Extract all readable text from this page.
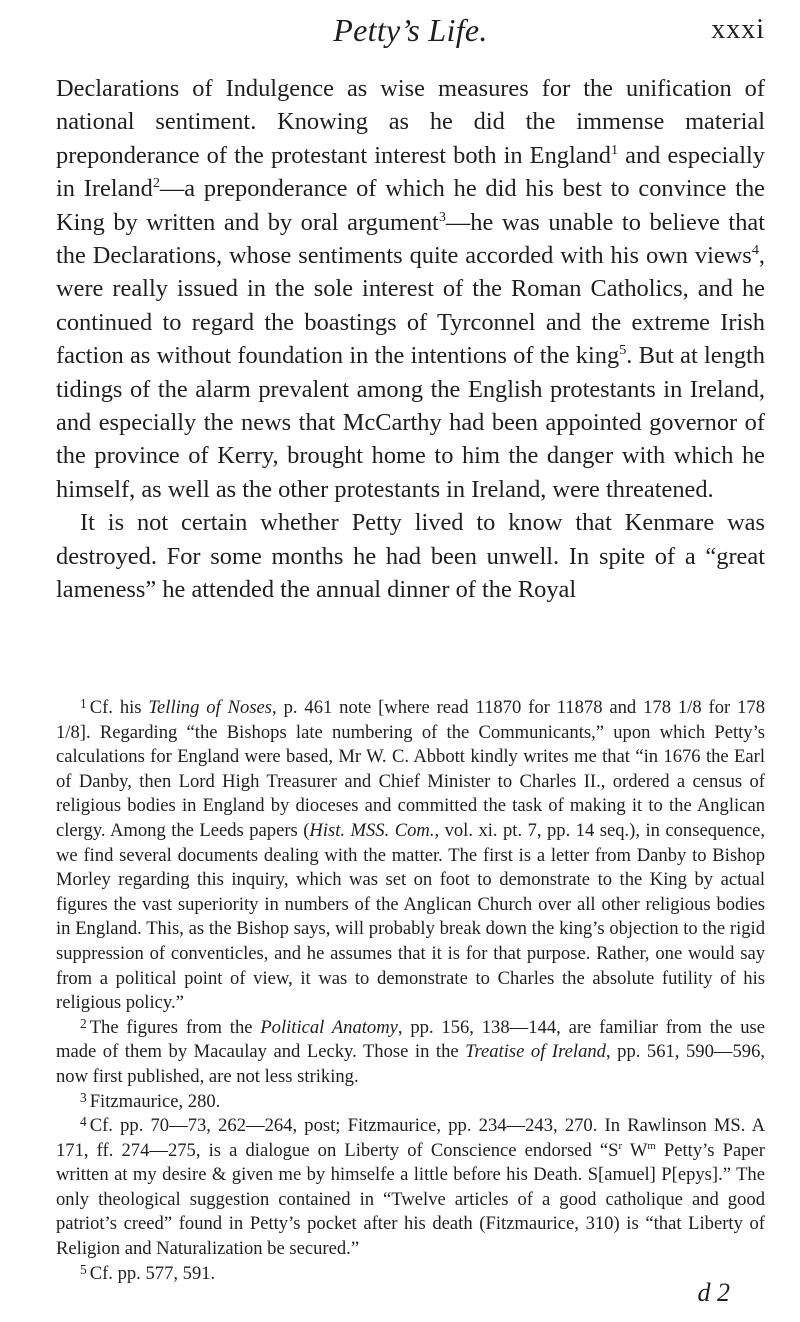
Petty’s Life.	xxxi

Declarations of Indulgence as wise measures for the unification of national sentiment. Knowing as he did the immense material preponderance of the protestant interest both in England$^1$ and especially in Ireland$^2$—a preponderance of which he did his best to convince the King by written and by oral argument$^3$—he was unable to believe that the Declarations, whose sentiments quite accorded with his own views$^4$, were really issued in the sole interest of the Roman Catholics, and he continued to regard the boastings of Tyrconnel and the extreme Irish faction as without foundation in the intentions of the king$^5$. But at length tidings of the alarm prevalent among the English protestants in Ireland, and especially the news that McCarthy had been appointed governor of the province of Kerry, brought home to him the danger with which he himself, as well as the other protestants in Ireland, were threatened.

It is not certain whether Petty lived to know that Kenmare was destroyed. For some months he had been unwell. In spite of a “great lameness” he attended the annual dinner of the Royal

$^1$ Cf. his Telling of Noses, p. 461 note [where read 11870 for 11878 and 178 1/8 for 178 1/8]. Regarding “the Bishops late numbering of the Communicants,” upon which Petty’s calculations for England were based, Mr W. C. Abbott kindly writes me that “in 1676 the Earl of Danby, then Lord High Treasurer and Chief Minister to Charles II., ordered a census of religious bodies in England by dioceses and committed the task of making it to the Anglican clergy. Among the Leeds papers (Hist. MSS. Com., vol. xi. pt. 7, pp. 14 seq.), in consequence, we find several documents dealing with the matter. The first is a letter from Danby to Bishop Morley regarding this inquiry, which was set on foot to demonstrate to the King by actual figures the vast superiority in numbers of the Anglican Church over all other religious bodies in England. This, as the Bishop says, will probably break down the king’s objection to the rigid suppression of conventicles, and he assumes that it is for that purpose. Rather, one would say from a political point of view, it was to demonstrate to Charles the absolute futility of his religious policy.”

$^2$ The figures from the Political Anatomy, pp. 156, 138—144, are familiar from the use made of them by Macaulay and Lecky. Those in the Treatise of Ireland, pp. 561, 590—596, now first published, are not less striking.

$^3$ Fitzmaurice, 280.

$^4$ Cf. pp. 70—73, 262—264, post; Fitzmaurice, pp. 234—243, 270. In Rawlinson MS. A 171, ff. 274—275, is a dialogue on Liberty of Conscience endorsed “$S^r$ $W^m$ Petty’s Paper written at my desire & given me by himselfe a little before his Death. S[amuel] P[epys].” The only theological suggestion contained in “Twelve articles of a good catholique and good patriot’s creed” found in Petty’s pocket after his death (Fitzmaurice, 310) is “that Liberty of Religion and Naturalization be secured.”

$^5$ Cf. pp. 577, 591.

d 2
